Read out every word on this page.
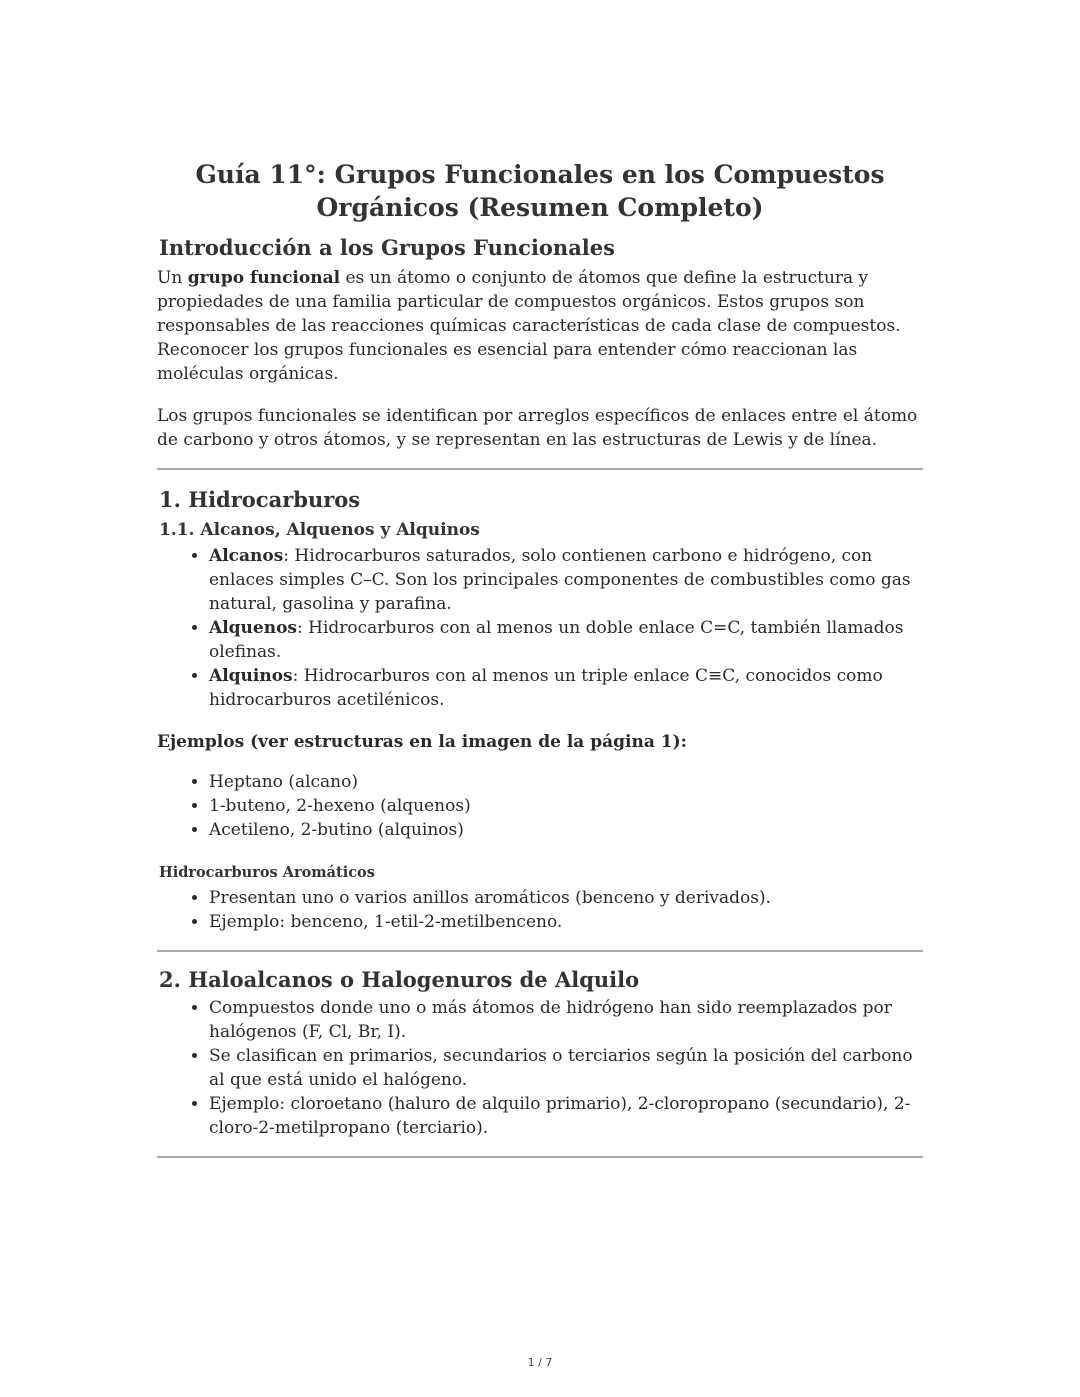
Guía 11°: Grupos Funcionales en los Compuestos Orgánicos (Resumen Completo)
Introducción a los Grupos Funcionales

Un grupo funcional es un átomo o conjunto de átomos que define la estructura y propiedades de una familia particular de compuestos orgánicos. Estos grupos son responsables de las reacciones químicas características de cada clase de compuestos. Reconocer los grupos funcionales es esencial para entender cómo reaccionan las moléculas orgánicas.

Los grupos funcionales se identifican por arreglos específicos de enlaces entre el átomo de carbono y otros átomos, y se representan en las estructuras de Lewis y de línea.

1. Hidrocarburos
1.1. Alcanos, Alquenos y Alquinos
• Alcanos: Hidrocarburos saturados, solo contienen carbono e hidrógeno, con enlaces simples C–C. Son los principales componentes de combustibles como gas natural, gasolina y parafina.
• Alquenos: Hidrocarburos con al menos un doble enlace C=C, también llamados olefinas.
• Alquinos: Hidrocarburos con al menos un triple enlace C≡C, conocidos como hidrocarburos acetilénicos.

Ejemplos (ver estructuras en la imagen de la página 1):

• Heptano (alcano)
• 1-buteno, 2-hexeno (alquenos)
• Acetileno, 2-butino (alquinos)
Hidrocarburos Aromáticos
• Presentan uno o varios anillos aromáticos (benceno y derivados).
• Ejemplo: benceno, 1-etil-2-metilbenceno.
2. Haloalcanos o Halogenuros de Alquilo
• Compuestos donde uno o más átomos de hidrógeno han sido reemplazados por halógenos (F, Cl, Br, I).
• Se clasifican en primarios, secundarios o terciarios según la posición del carbono al que está unido el halógeno.
• Ejemplo: cloroetano (haluro de alquilo primario), 2-cloropropano (secundario), 2-cloro-2-metilpropano (terciario).
1 / 7
